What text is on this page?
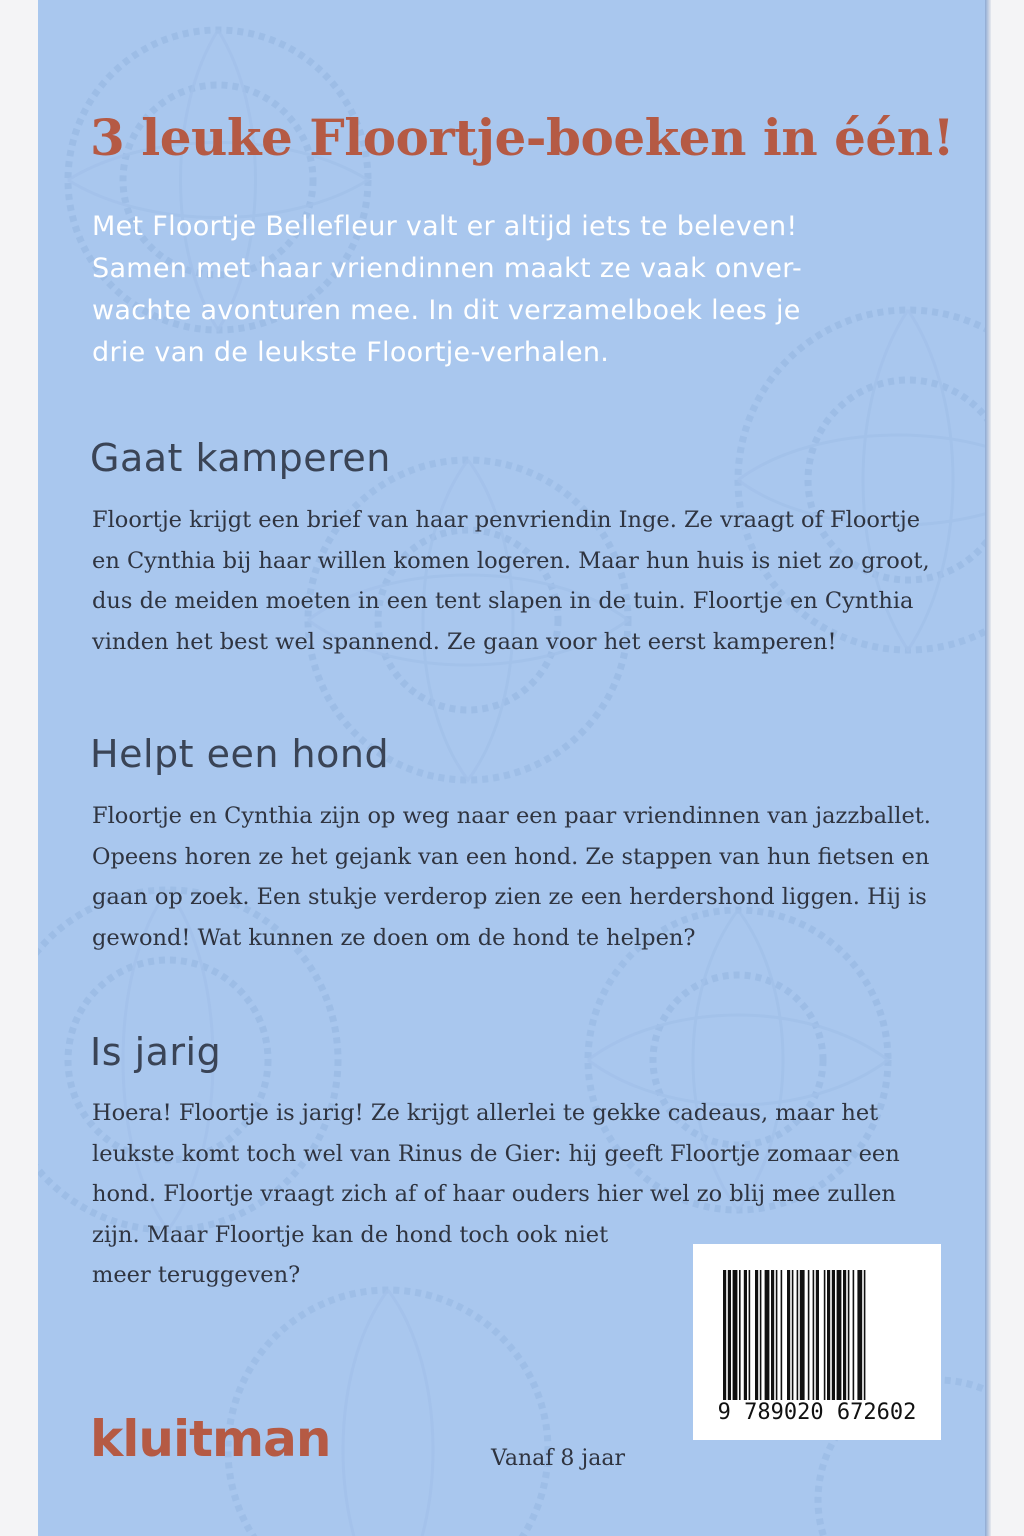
3 leuke Floortje-boeken in één!
Met Floortje Bellefleur valt er altijd iets te beleven!
Samen met haar vriendinnen maakt ze vaak onver-
wachte avonturen mee. In dit verzamelboek lees je
drie van de leukste Floortje-verhalen.
Gaat kamperen

Floortje krijgt een brief van haar penvriendin Inge. Ze vraagt of Floortje en Cynthia bij haar willen komen logeren. Maar hun huis is niet zo groot, dus de meiden moeten in een tent slapen in de tuin. Floortje en Cynthia vinden het best wel spannend. Ze gaan voor het eerst kamperen!

Helpt een hond

Floortje en Cynthia zijn op weg naar een paar vriendinnen van jazzballet. Opeens horen ze het gejank van een hond. Ze stappen van hun fietsen en gaan op zoek. Een stukje verderop zien ze een herdershond liggen. Hij is gewond! Wat kunnen ze doen om de hond te helpen?

Is jarig
Hoera! Floortje is jarig! Ze krijgt allerlei te gekke cadeaus, maar het
leukste komt toch wel van Rinus de Gier: hij geeft Floortje zomaar een
hond. Floortje vraagt zich af of haar ouders hier wel zo blij mee zullen
zijn. Maar Floortje kan de hond toch ook niet
meer teruggeven?

9 789020 672602

kluitman	Vanaf 8 jaar
